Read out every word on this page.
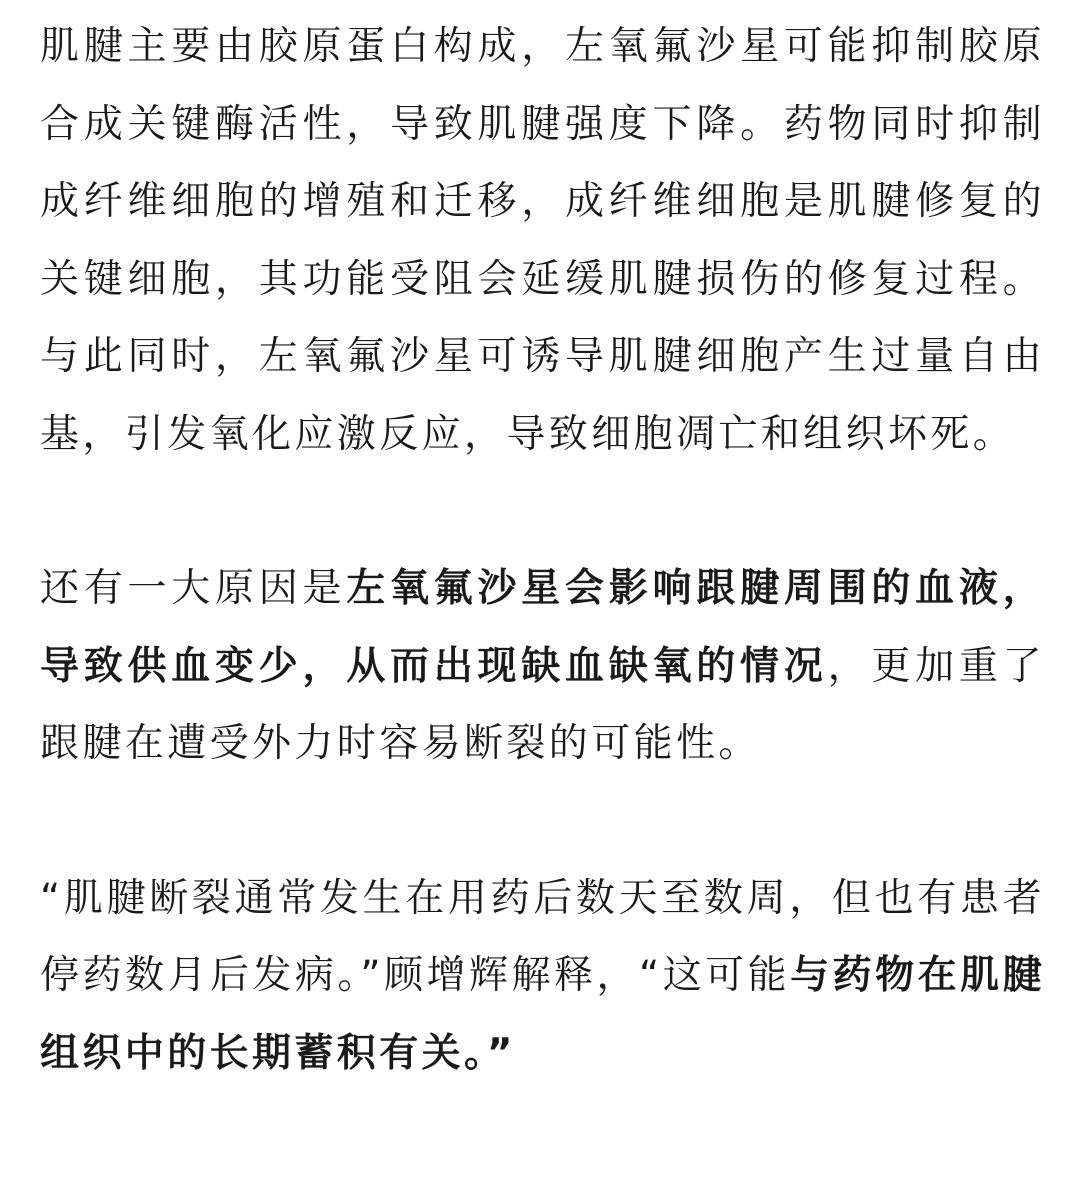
肌腱主要由胶原蛋白构成，左氧氟沙星可能抑制胶原合成关键酶活性，导致肌腱强度下降。药物同时抑制成纤维细胞的增殖和迁移，成纤维细胞是肌腱修复的关键细胞，其功能受阻会延缓肌腱损伤的修复过程。与此同时，左氧氟沙星可诱导肌腱细胞产生过量自由基，引发氧化应激反应，导致细胞凋亡和组织坏死。

还有一大原因是左氧氟沙星会影响跟腱周围的血液，导致供血变少，从而出现缺血缺氧的情况，更加重了跟腱在遭受外力时容易断裂的可能性。

“肌腱断裂通常发生在用药后数天至数周，但也有患者停药数月后发病。”顾增辉解释，“这可能与药物在肌腱组织中的长期蓄积有关。”
